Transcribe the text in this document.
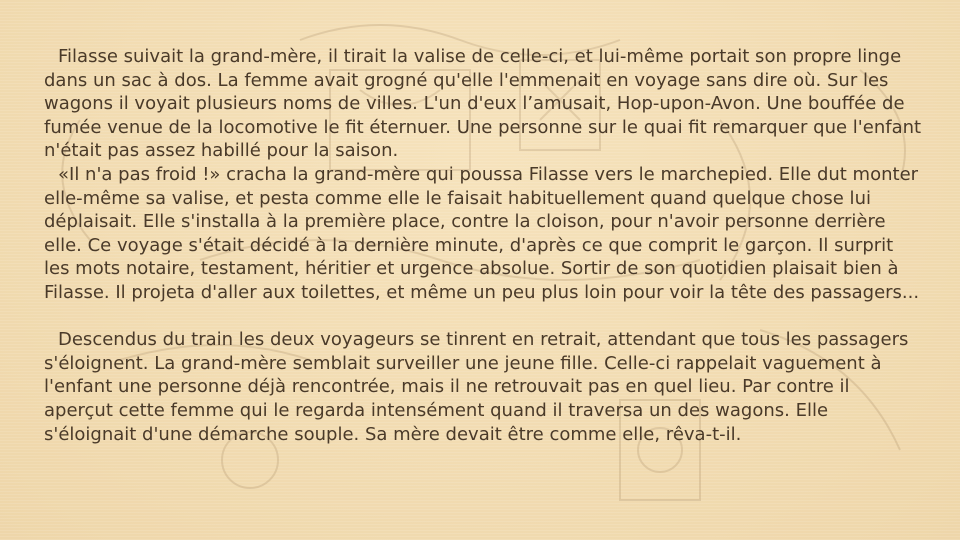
Filasse suivait la grand-mère, il tirait la valise de celle-ci, et lui-même portait son propre linge dans un sac à dos. La femme avait grogné qu'elle l'emmenait en voyage sans dire où. Sur les wagons il voyait plusieurs noms de villes. L'un d'eux l’amusait, Hop-upon-Avon. Une bouffée de fumée venue de la locomotive le fit éternuer. Une personne sur le quai fit remarquer que l'enfant n'était pas assez habillé pour la saison.

«Il n'a pas froid !» cracha la grand-mère qui poussa Filasse vers le marchepied. Elle dut monter elle-même sa valise, et pesta comme elle le faisait habituellement quand quelque chose lui déplaisait. Elle s'installa à la première place, contre la cloison, pour n'avoir personne derrière elle. Ce voyage s'était décidé à la dernière minute, d'après ce que comprit le garçon. Il surprit les mots notaire, testament, héritier et urgence absolue. Sortir de son quotidien plaisait bien à Filasse. Il projeta d'aller aux toilettes, et même un peu plus loin pour voir la tête des passagers...

Descendus du train les deux voyageurs se tinrent en retrait, attendant que tous les passagers s'éloignent. La grand-mère semblait surveiller une jeune fille. Celle-ci rappelait vaguement à l'enfant une personne déjà rencontrée, mais il ne retrouvait pas en quel lieu. Par contre il aperçut cette femme qui le regarda intensément quand il traversa un des wagons. Elle s'éloignait d'une démarche souple. Sa mère devait être comme elle, rêva-t-il.
